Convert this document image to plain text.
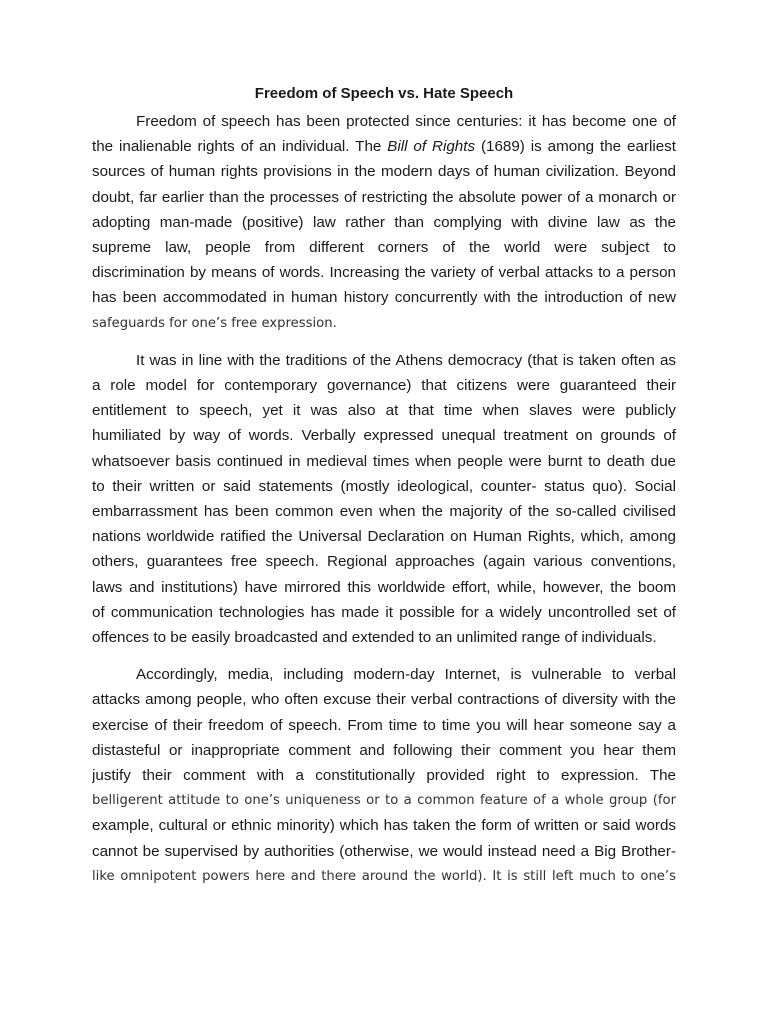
Freedom of Speech vs. Hate Speech
Freedom of speech has been protected since centuries: it has become one of
the inalienable rights of an individual. The Bill of Rights (1689) is among the earliest
sources of human rights provisions in the modern days of human civilization. Beyond
doubt, far earlier than the processes of restricting the absolute power of a monarch or
adopting man-made (positive) law rather than complying with divine law as the
supreme law, people from different corners of the world were subject to
discrimination by means of words. Increasing the variety of verbal attacks to a person
has been accommodated in human history concurrently with the introduction of new
safeguards for one’s free expression.
It was in line with the traditions of the Athens democracy (that is taken often as
a role model for contemporary governance) that citizens were guaranteed their
entitlement to speech, yet it was also at that time when slaves were publicly
humiliated by way of words. Verbally expressed unequal treatment on grounds of
whatsoever basis continued in medieval times when people were burnt to death due
to their written or said statements (mostly ideological, counter- status quo). Social
embarrassment has been common even when the majority of the so-called civilised
nations worldwide ratified the Universal Declaration on Human Rights, which, among
others, guarantees free speech. Regional approaches (again various conventions,
laws and institutions) have mirrored this worldwide effort, while, however, the boom
of communication technologies has made it possible for a widely uncontrolled set of
offences to be easily broadcasted and extended to an unlimited range of individuals.
Accordingly, media, including modern-day Internet, is vulnerable to verbal
attacks among people, who often excuse their verbal contractions of diversity with the
exercise of their freedom of speech. From time to time you will hear someone say a
distasteful or inappropriate comment and following their comment you hear them
justify their comment with a constitutionally provided right to expression. The
belligerent attitude to one’s uniqueness or to a common feature of a whole group (for
example, cultural or ethnic minority) which has taken the form of written or said words
cannot be supervised by authorities (otherwise, we would instead need a Big Brother-
like omnipotent powers here and there around the world). It is still left much to one’s
